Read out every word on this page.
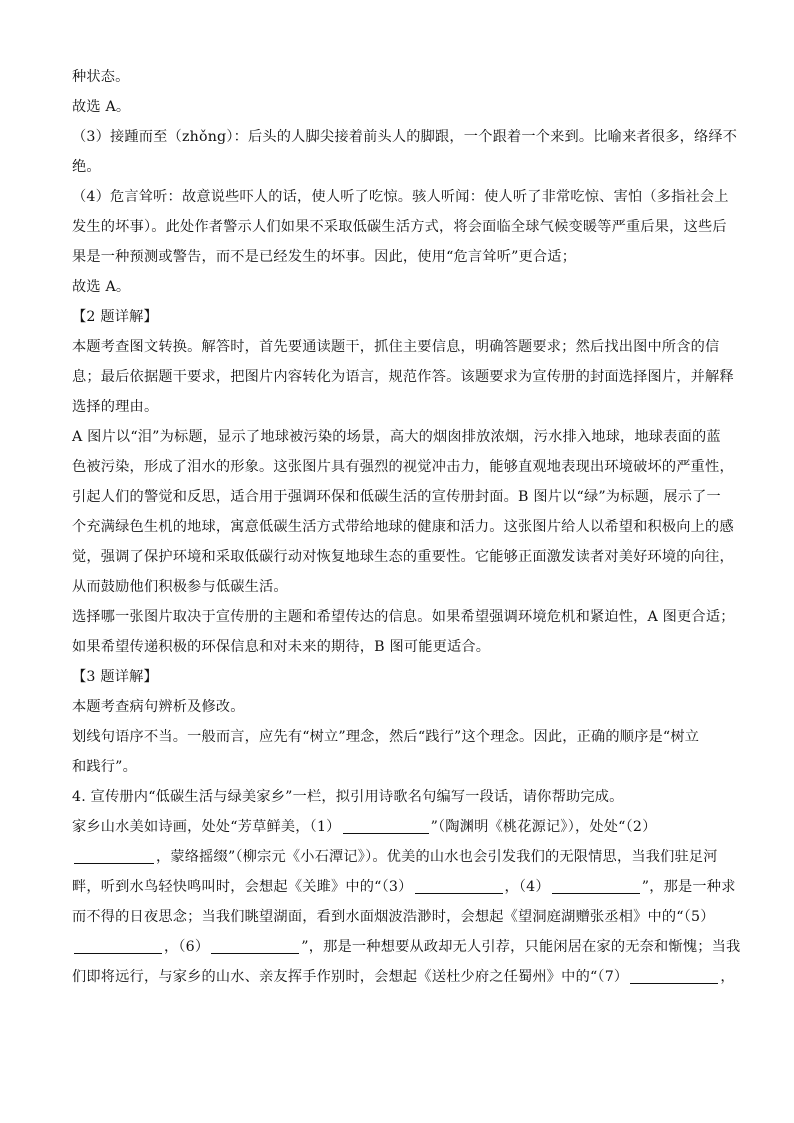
种状态。
故选 A。
（3）接踵而至（zhǒng）：后头的人脚尖接着前头人的脚跟，一个跟着一个来到。比喻来者很多，络绎不
绝。
（4）危言耸听：故意说些吓人的话，使人听了吃惊。骇人听闻：使人听了非常吃惊、害怕（多指社会上
发生的坏事）。此处作者警示人们如果不采取低碳生活方式，将会面临全球气候变暖等严重后果，这些后
果是一种预测或警告，而不是已经发生的坏事。因此，使用“危言耸听”更合适；
故选 A。
【2 题详解】
本题考查图文转换。解答时，首先要通读题干，抓住主要信息，明确答题要求；然后找出图中所含的信
息；最后依据题干要求，把图片内容转化为语言，规范作答。该题要求为宣传册的封面选择图片，并解释
选择的理由。
A 图片以“泪”为标题，显示了地球被污染的场景，高大的烟囱排放浓烟，污水排入地球，地球表面的蓝
色被污染，形成了泪水的形象。这张图片具有强烈的视觉冲击力，能够直观地表现出环境破坏的严重性，
引起人们的警觉和反思，适合用于强调环保和低碳生活的宣传册封面。B 图片以“绿”为标题，展示了一
个充满绿色生机的地球，寓意低碳生活方式带给地球的健康和活力。这张图片给人以希望和积极向上的感
觉，强调了保护环境和采取低碳行动对恢复地球生态的重要性。它能够正面激发读者对美好环境的向往，
从而鼓励他们积极参与低碳生活。
选择哪一张图片取决于宣传册的主题和希望传达的信息。如果希望强调环境危机和紧迫性，A 图更合适；
如果希望传递积极的环保信息和对未来的期待，B 图可能更适合。
【3 题详解】
本题考查病句辨析及修改。
划线句语序不当。一般而言，应先有“树立”理念，然后“践行”这个理念。因此，正确的顺序是“树立
和践行”。
4. 宣传册内“低碳生活与绿美家乡”一栏，拟引用诗歌名句编写一段话，请你帮助完成。
家乡山水美如诗画，处处“芳草鲜美，（1）	”（陶渊明《桃花源记》），处处“（2）
，蒙络摇缀”（柳宗元《小石潭记》）。优美的山水也会引发我们的无限情思，当我们驻足河
畔，听到水鸟轻快鸣叫时，会想起《关雎》中的“（3）	，（4）	”，那是一种求
而不得的日夜思念；当我们眺望湖面，看到水面烟波浩渺时，会想起《望洞庭湖赠张丞相》中的“（5）
，（6）	”，那是一种想要从政却无人引荐，只能闲居在家的无奈和惭愧；当我
们即将远行，与家乡的山水、亲友挥手作别时，会想起《送杜少府之任蜀州》中的“（7）	，
